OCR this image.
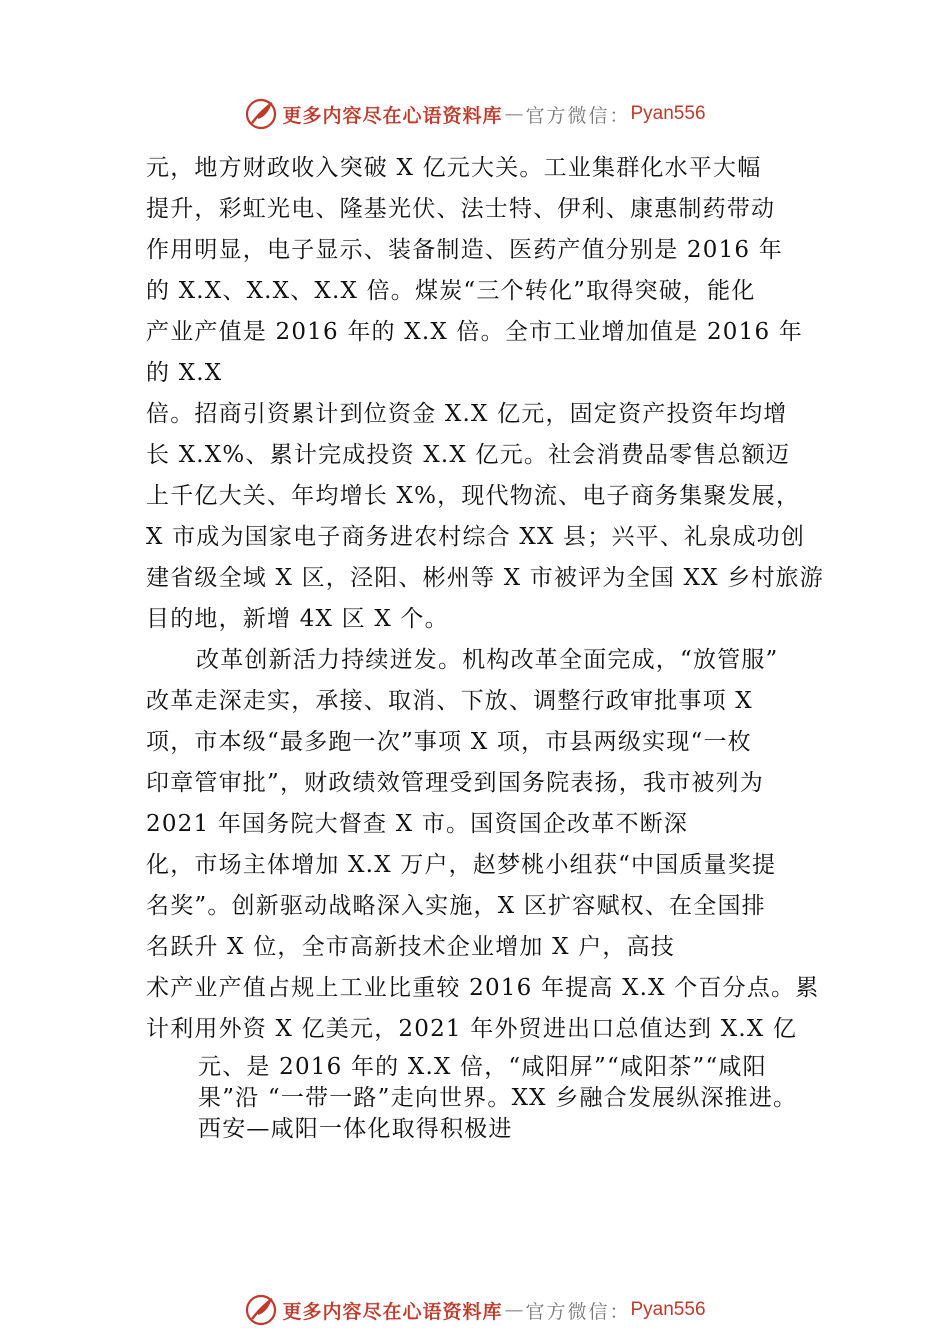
更多内容尽在心语资料库 — 官方微信： Pyan556
元，地方财政收入突破 X 亿元大关。工业集群化水平大幅
提升，彩虹光电、隆基光伏、法士特、伊利、康惠制药带动
作用明显，电子显示、装备制造、医药产值分别是 2016 年
的 X.X、X.X、X.X 倍。煤炭“三个转化”取得突破，能化
产业产值是 2016 年的 X.X 倍。全市工业增加值是 2016 年
的 X.X
倍。招商引资累计到位资金 X.X 亿元，固定资产投资年均增
长 X.X%、累计完成投资 X.X 亿元。社会消费品零售总额迈
上千亿大关、年均增长 X%，现代物流、电子商务集聚发展，
X 市成为国家电子商务进农村综合 XX 县；兴平、礼泉成功创
建省级全域 X 区，泾阳、彬州等 X 市被评为全国 XX 乡村旅游
目的地，新增 4X 区 X 个。
改革创新活力持续迸发。机构改革全面完成，“放管服”
改革走深走实，承接、取消、下放、调整行政审批事项 X
项，市本级“最多跑一次”事项 X 项，市县两级实现“一枚
印章管审批”，财政绩效管理受到国务院表扬，我市被列为
2021 年国务院大督查 X 市。国资国企改革不断深
化，市场主体增加 X.X 万户，赵梦桃小组获“中国质量奖提
名奖”。创新驱动战略深入实施，X 区扩容赋权、在全国排
名跃升 X 位，全市高新技术企业增加 X 户，高技
术产业产值占规上工业比重较 2016 年提高 X.X 个百分点。累
计利用外资 X 亿美元，2021 年外贸进出口总值达到 X.X 亿
元、是 2016 年的 X.X 倍，“咸阳屏”“咸阳茶”“咸阳
果”沿 “一带一路”走向世界。XX 乡融合发展纵深推进。
西安—咸阳一体化取得积极进
更多内容尽在心语资料库 — 官方微信： Pyan556
